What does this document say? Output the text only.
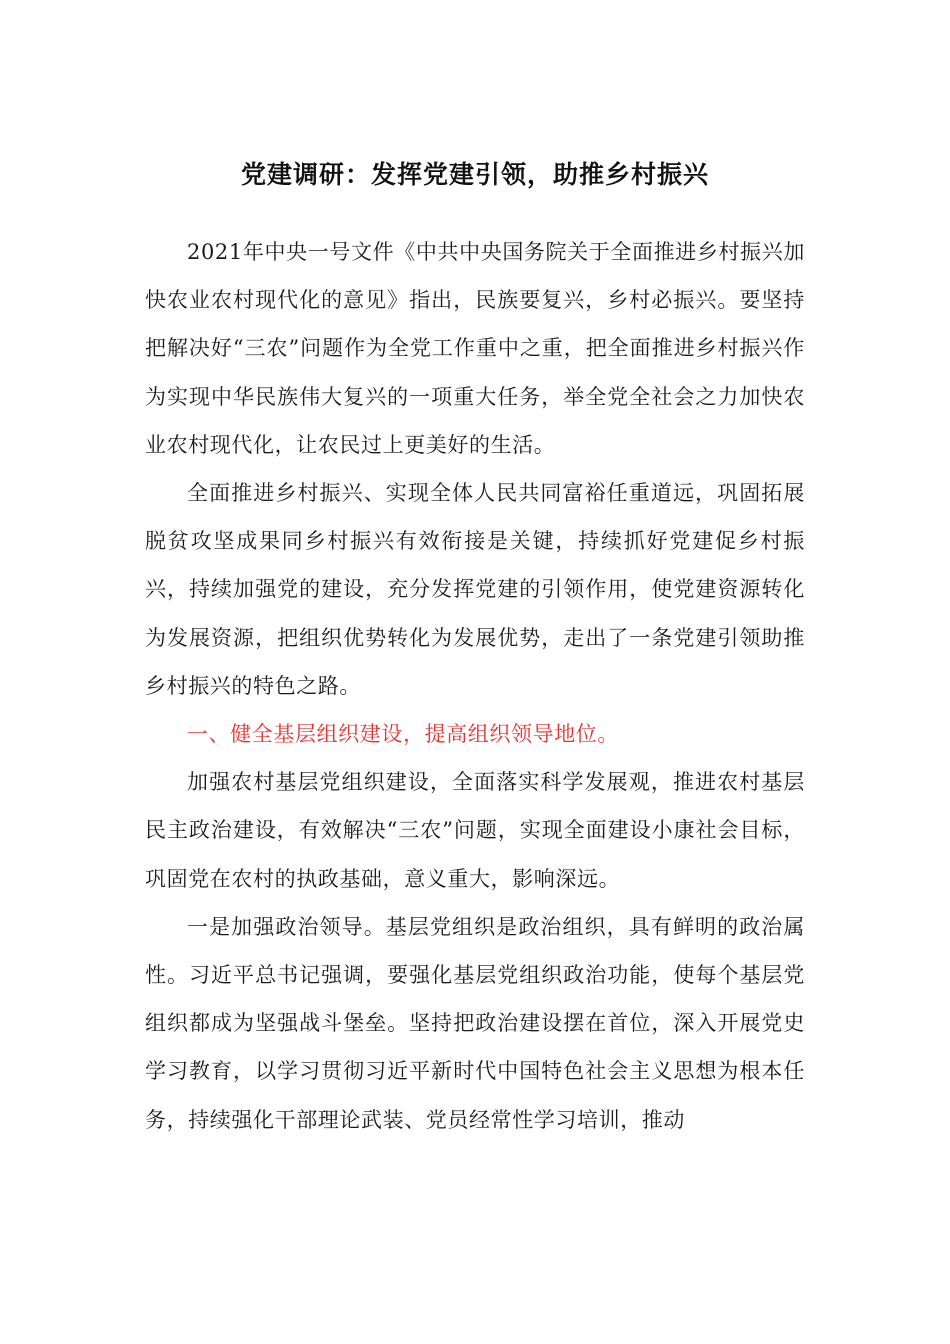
党建调研：发挥党建引领，助推乡村振兴

2021年中央一号文件《中共中央国务院关于全面推进乡村振兴加快农业农村现代化的意见》指出，民族要复兴，乡村必振兴。要坚持把解决好“三农”问题作为全党工作重中之重，把全面推进乡村振兴作为实现中华民族伟大复兴的一项重大任务，举全党全社会之力加快农业农村现代化，让农民过上更美好的生活。

全面推进乡村振兴、实现全体人民共同富裕任重道远，巩固拓展脱贫攻坚成果同乡村振兴有效衔接是关键，持续抓好党建促乡村振兴，持续加强党的建设，充分发挥党建的引领作用，使党建资源转化为发展资源，把组织优势转化为发展优势，走出了一条党建引领助推乡村振兴的特色之路。

一、健全基层组织建设，提高组织领导地位。

加强农村基层党组织建设，全面落实科学发展观，推进农村基层民主政治建设，有效解决“三农”问题，实现全面建设小康社会目标，巩固党在农村的执政基础，意义重大，影响深远。

一是加强政治领导。基层党组织是政治组织，具有鲜明的政治属性。习近平总书记强调，要强化基层党组织政治功能，使每个基层党组织都成为坚强战斗堡垒。坚持把政治建设摆在首位，深入开展党史学习教育，以学习贯彻习近平新时代中国特色社会主义思想为根本任务，持续强化干部理论武装、党员经常性学习培训，推动
